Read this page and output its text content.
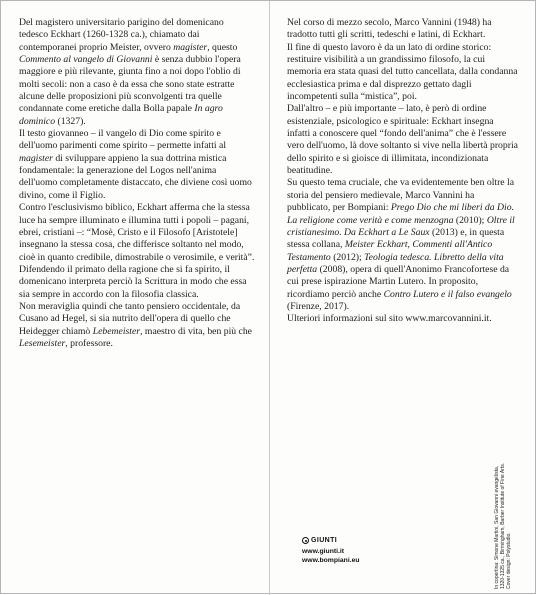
Del magistero universitario parigino del domenicano tedesco Eckhart (1260-1328 ca.), chiamato dai contemporanei proprio Meister, ovvero magister, questo Commento al vangelo di Giovanni è senza dubbio l'opera maggiore e più rilevante, giunta fino a noi dopo l'oblio di molti secoli: non a caso è da essa che sono state estratte alcune delle proposizioni più sconvolgenti tra quelle condannate come eretiche dalla Bolla papale In agro dominico (1327).

Il testo giovanneo – il vangelo di Dio come spirito e dell'uomo parimenti come spirito – permette infatti al magister di sviluppare appieno la sua dottrina mistica fondamentale: la generazione del Logos nell'anima dell'uomo completamente distaccato, che diviene così uomo divino, come il Figlio.

Contro l'esclusivismo biblico, Eckhart afferma che la stessa luce ha sempre illuminato e illumina tutti i popoli – pagani, ebrei, cristiani –: “Mosè, Cristo e il Filosofo [Aristotele] insegnano la stessa cosa, che differisce soltanto nel modo, cioè in quanto credibile, dimostrabile o verosimile, e verità”. Difendendo il primato della ragione che si fa spirito, il domenicano interpreta perciò la Scrittura in modo che essa sia sempre in accordo con la filosofia classica.

Non meraviglia quindi che tanto pensiero occidentale, da Cusano ad Hegel, si sia nutrito dell'opera di quello che Heidegger chiamò Lebemeister, maestro di vita, ben più che Lesemeister, professore.

Nel corso di mezzo secolo, Marco Vannini (1948) ha tradotto tutti gli scritti, tedeschi e latini, di Eckhart.

Il fine di questo lavoro è da un lato di ordine storico: restituire visibilità a un grandissimo filosofo, la cui memoria era stata quasi del tutto cancellata, dalla condanna ecclesiastica prima e dal disprezzo gettato dagli incompetenti sulla “mistica”, poi.

Dall'altro – e più importante – lato, è però di ordine esistenziale, psicologico e spirituale: Eckhart insegna infatti a conoscere quel “fondo dell'anima” che è l'essere vero dell'uomo, là dove soltanto si vive nella libertà propria dello spirito e si gioisce di illimitata, incondizionata beatitudine.

Su questo tema cruciale, che va evidentemente ben oltre la storia del pensiero medievale, Marco Vannini ha pubblicato, per Bompiani: Prego Dio che mi liberi da Dio. La religione come verità e come menzogna (2010); Oltre il cristianesimo. Da Eckhart a Le Saux (2013) e, in questa stessa collana, Meister Eckhart, Commenti all'Antico Testamento (2012); Teologia tedesca. Libretto della vita perfetta (2008), opera di quell'Anonimo Francofortese da cui prese ispirazione Martin Lutero. In proposito, ricordiamo perciò anche Contro Lutero e il falso evangelo (Firenze, 2017).

Ulteriori informazioni sul sito www.marcovannini.it.

GIUNTI
www.giunti.it
www.bompiani.eu	In copertina: Simone Martini, San Giovanni evangelista, 1320-1325 ca., Birmingham, Barber Institute of Fine Arts. Cover design: Polystudio.
